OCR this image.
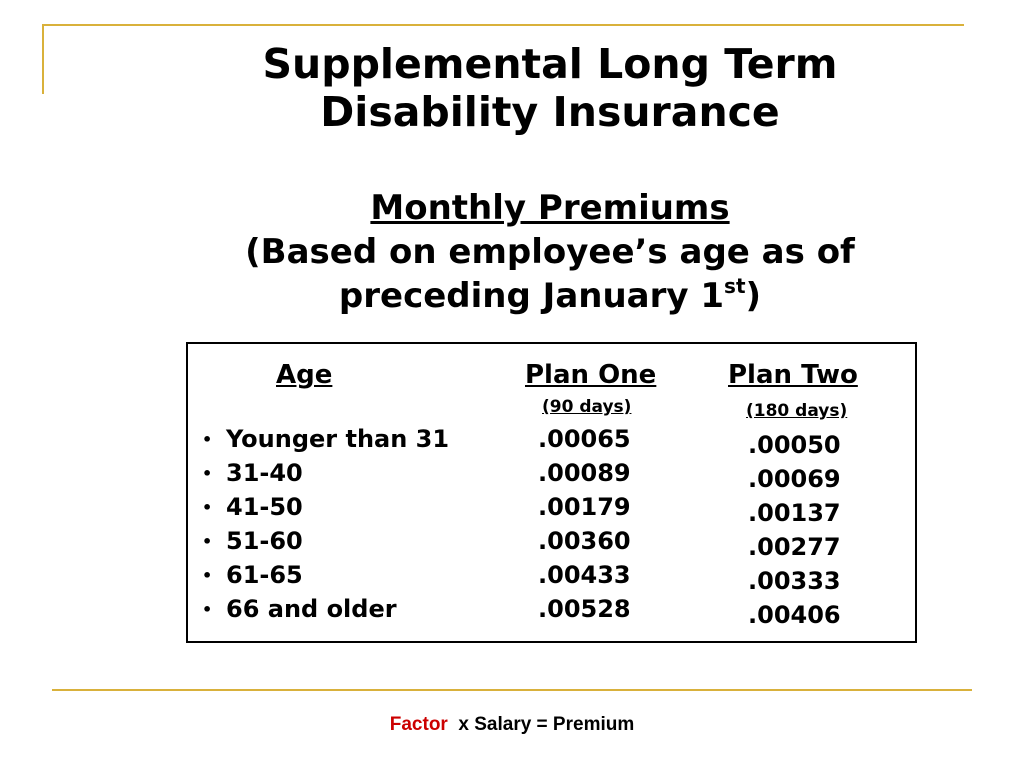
Supplemental Long Term
Disability Insurance
Monthly Premiums
(Based on employee’s age as of preceding January 1st)
Age	Plan One
(90 days)
Plan Two
(180 days)
• Younger than 31
• 31-40
• 41-50
• 51-60
• 61-65
• 66 and older
.00065
.00089
.00179
.00360
.00433
.00528
.00050
.00069
.00137
.00277
.00333
.00406
Factor x Salary = Premium
